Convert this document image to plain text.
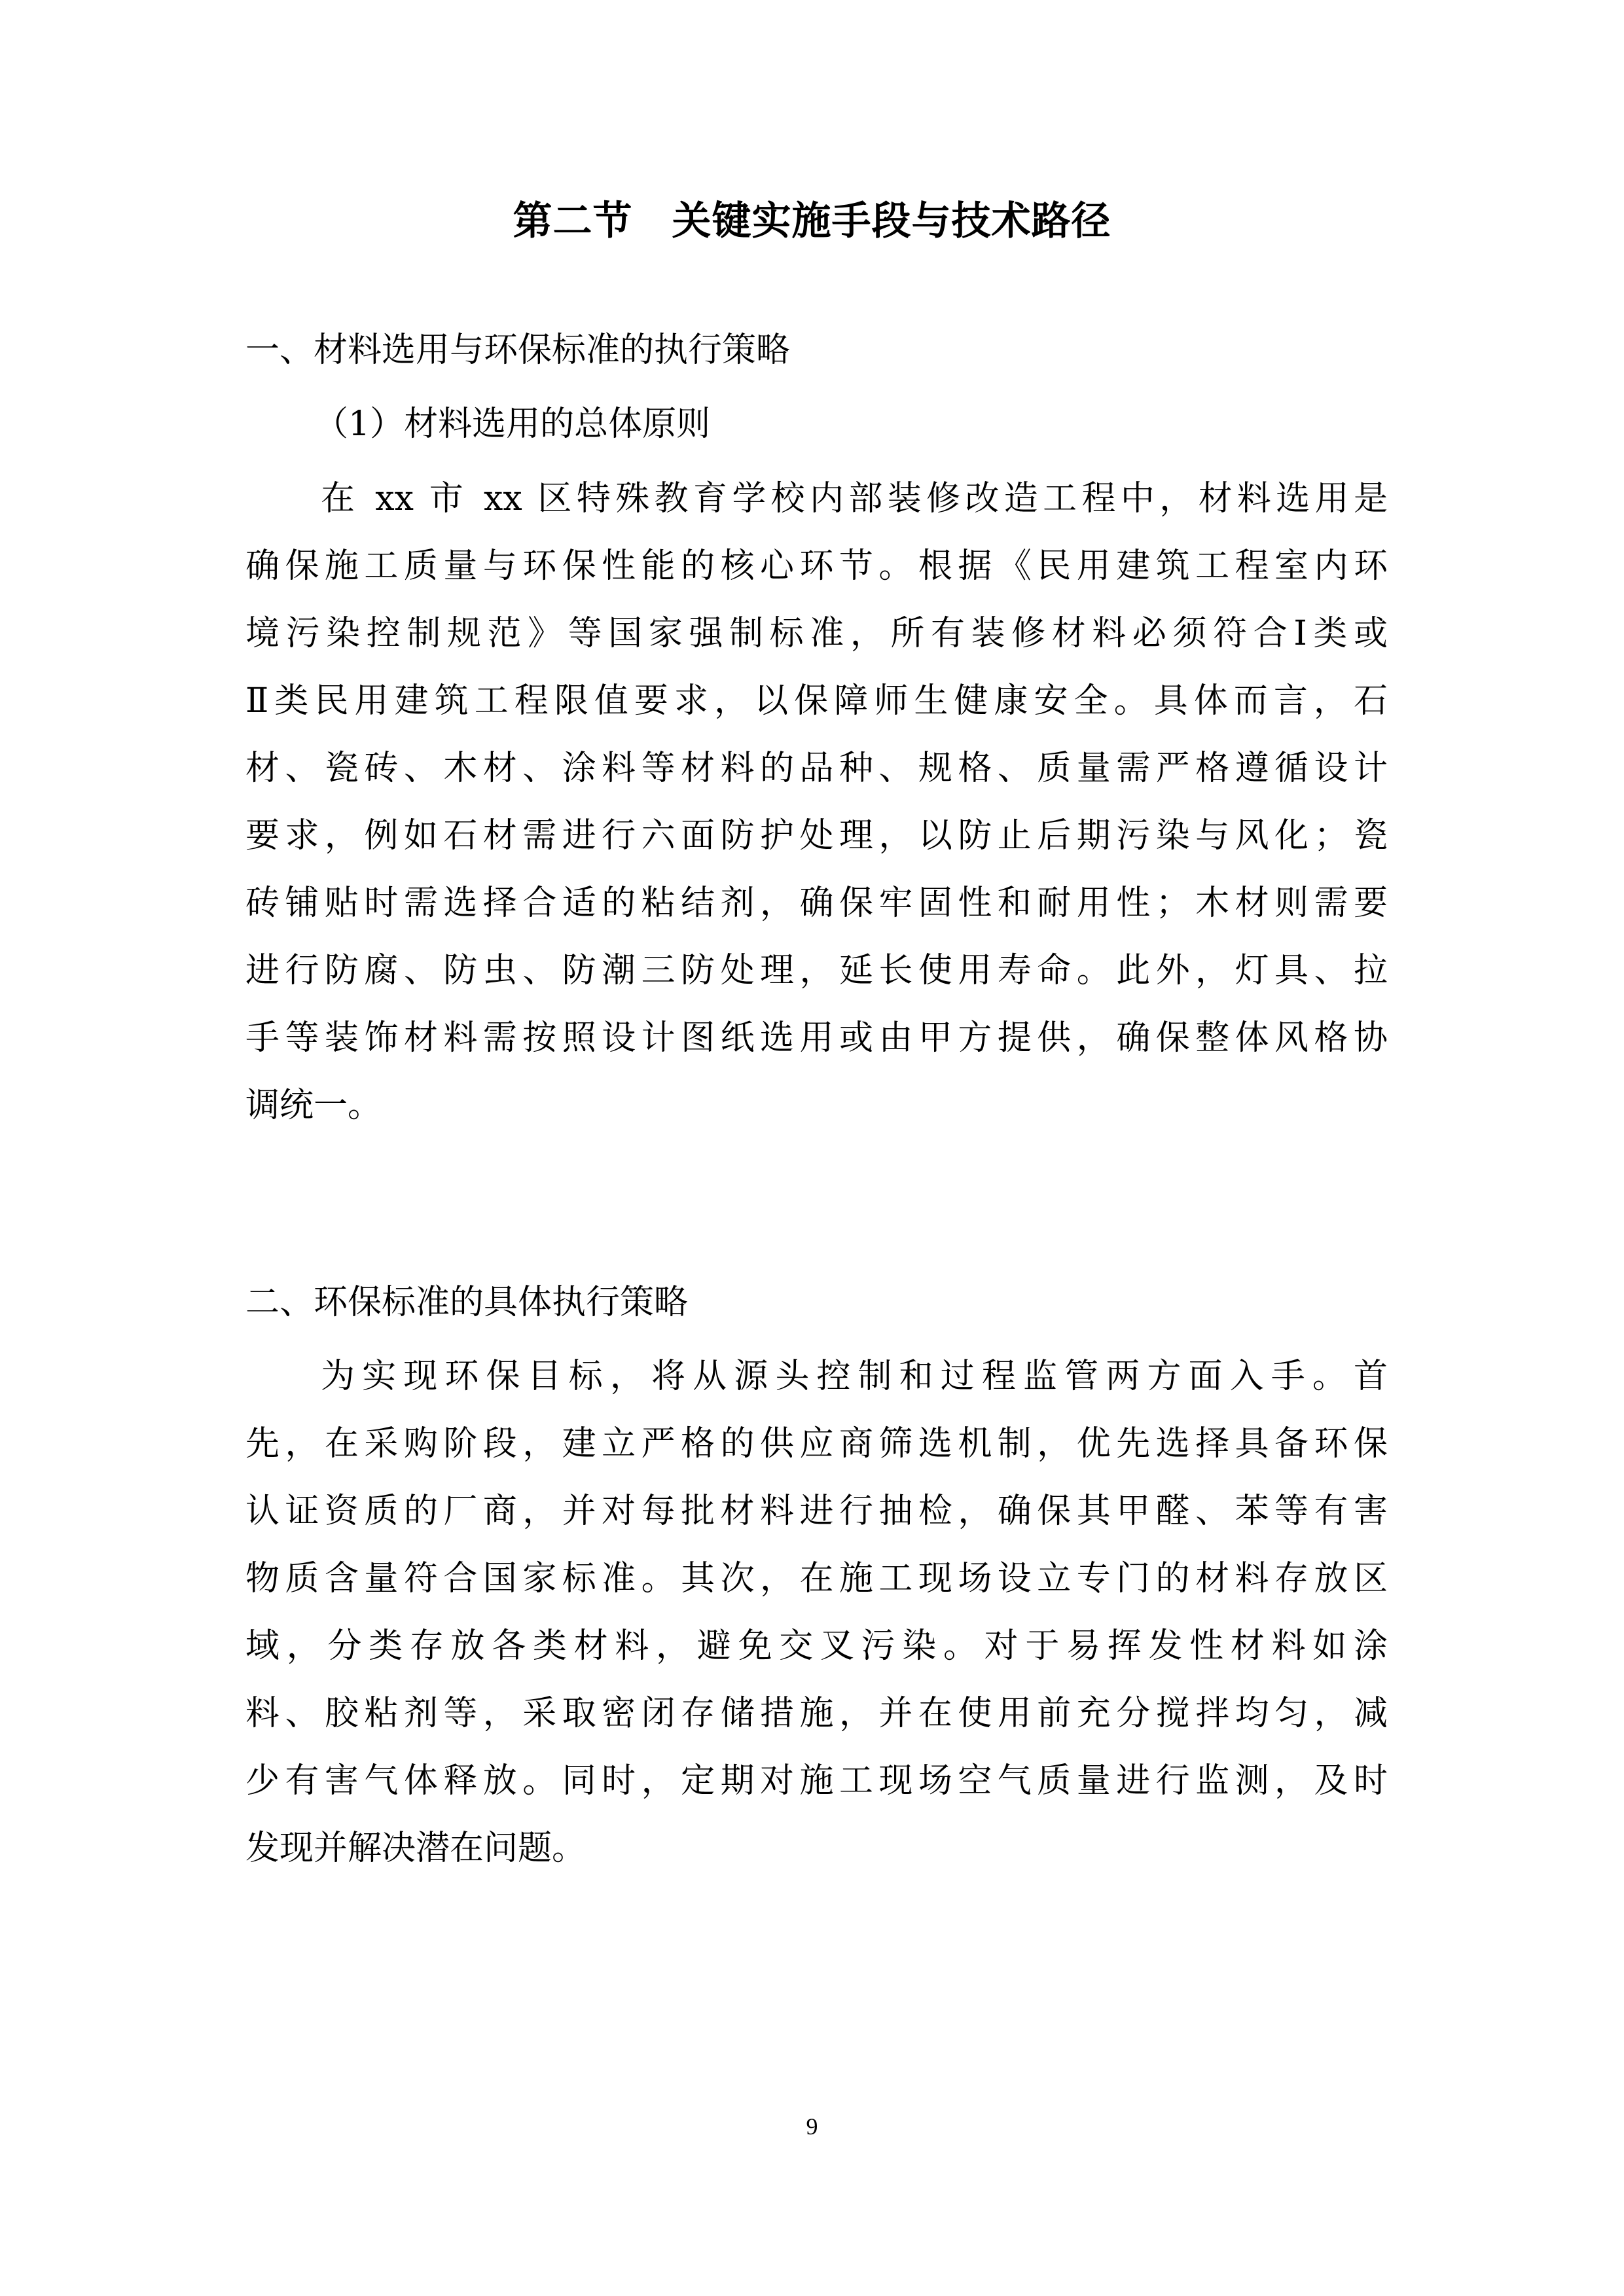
第二节 关键实施手段与技术路径
一、材料选用与环保标准的执行策略
（1）材料选用的总体原则
在 xx 市 xx 区特殊教育学校内部装修改造工程中，材料选用是
确保施工质量与环保性能的核心环节。根据《民用建筑工程室内环
境污染控制规范》等国家强制标准，所有装修材料必须符合Ⅰ类或
Ⅱ类民用建筑工程限值要求，以保障师生健康安全。具体而言，石
材、瓷砖、木材、涂料等材料的品种、规格、质量需严格遵循设计
要求，例如石材需进行六面防护处理，以防止后期污染与风化；瓷
砖铺贴时需选择合适的粘结剂，确保牢固性和耐用性；木材则需要
进行防腐、防虫、防潮三防处理，延长使用寿命。此外，灯具、拉
手等装饰材料需按照设计图纸选用或由甲方提供，确保整体风格协
调统一。
二、环保标准的具体执行策略
为实现环保目标，将从源头控制和过程监管两方面入手。首
先，在采购阶段，建立严格的供应商筛选机制，优先选择具备环保
认证资质的厂商，并对每批材料进行抽检，确保其甲醛、苯等有害
物质含量符合国家标准。其次，在施工现场设立专门的材料存放区
域，分类存放各类材料，避免交叉污染。对于易挥发性材料如涂
料、胶粘剂等，采取密闭存储措施，并在使用前充分搅拌均匀，减
少有害气体释放。同时，定期对施工现场空气质量进行监测，及时
发现并解决潜在问题。
9
